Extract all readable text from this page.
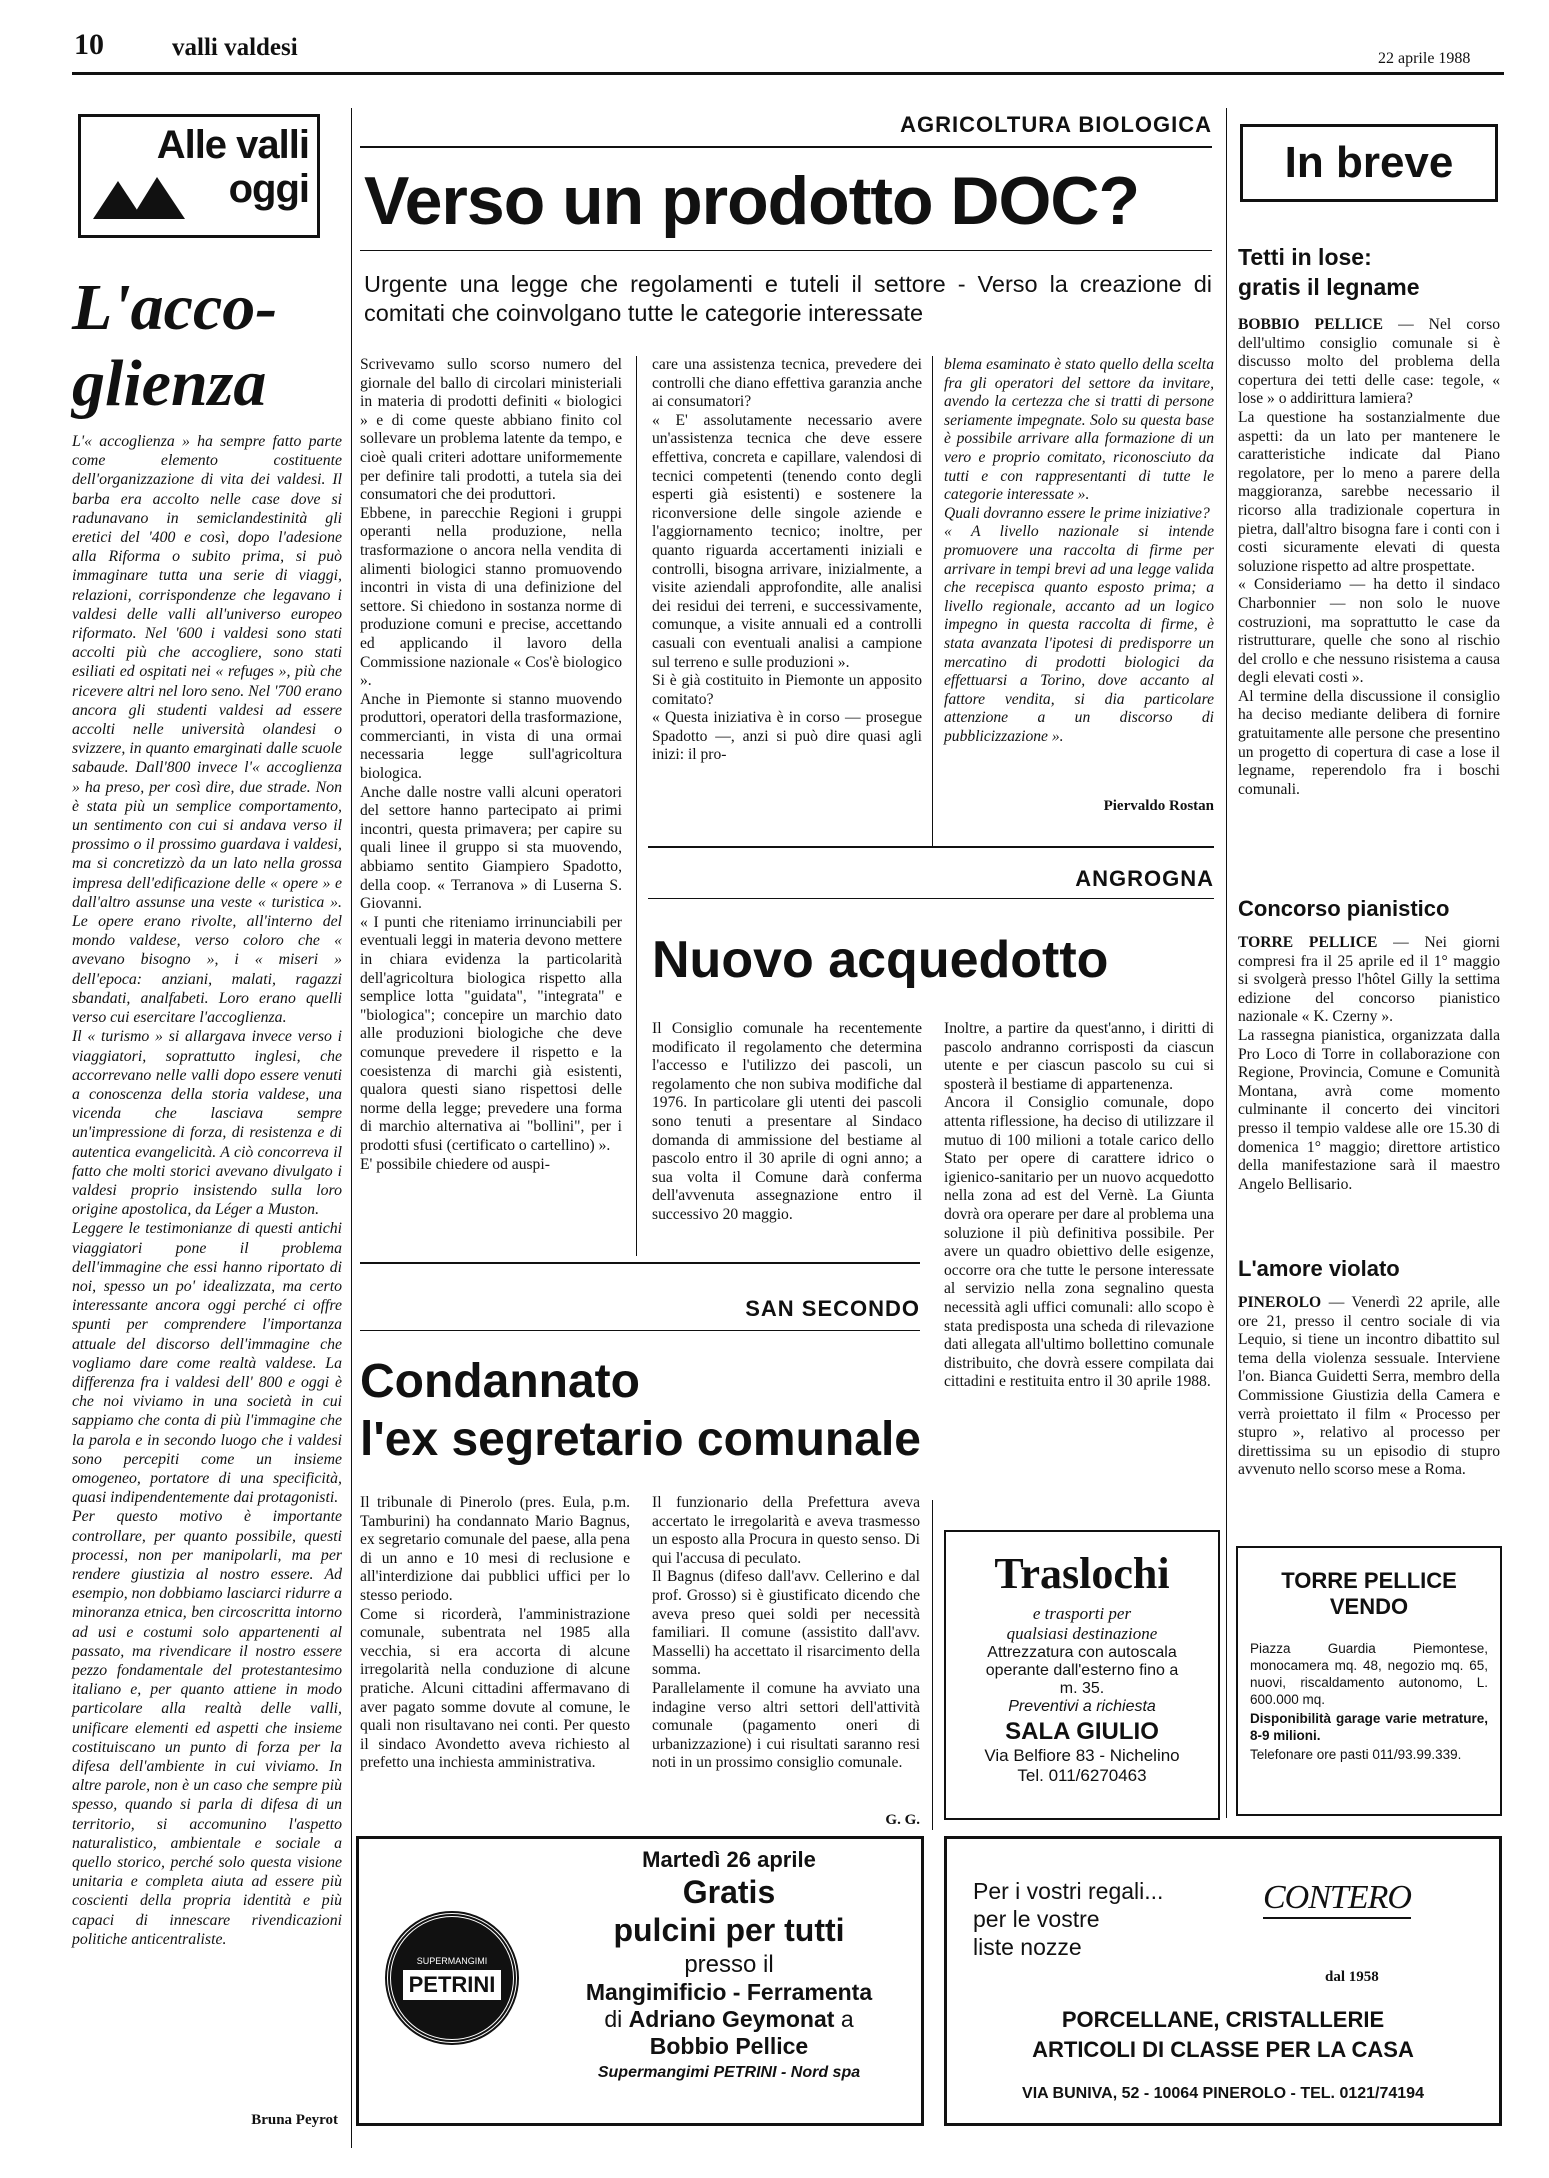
10	valli valdesi	22 aprile 1988
Alle valli
oggi
L'acco-
glienza
L'« accoglienza » ha sempre fatto parte come elemento costituente dell'organizzazione di vita dei valdesi. Il barba era accolto nelle case dove si radunavano in semiclandestinità gli eretici del '400 e così, dopo l'adesione alla Riforma o subito prima, si può immaginare tutta una serie di viaggi, relazioni, corrispondenze che legavano i valdesi delle valli all'universo europeo riformato. Nel '600 i valdesi sono stati accolti più che accogliere, sono stati esiliati ed ospitati nei « refuges », più che ricevere altri nel loro seno. Nel '700 erano ancora gli studenti valdesi ad essere accolti nelle università olandesi o svizzere, in quanto emarginati dalle scuole sabaude. Dall'800 invece l'« accoglienza » ha preso, per così dire, due strade. Non è stata più un semplice comportamento, un sentimento con cui si andava verso il prossimo o il prossimo guardava i valdesi, ma si concretizzò da un lato nella grossa impresa dell'edificazione delle « opere » e dall'altro assunse una veste « turistica ». Le opere erano rivolte, all'interno del mondo valdese, verso coloro che « avevano bisogno », i « miseri » dell'epoca: anziani, malati, ragazzi sbandati, analfabeti. Loro erano quelli verso cui esercitare l'accoglienza.
Il « turismo » si allargava invece verso i viaggiatori, soprattutto inglesi, che accorrevano nelle valli dopo essere venuti a conoscenza della storia valdese, una vicenda che lasciava sempre un'impressione di forza, di resistenza e di autentica evangelicità. A ciò concorreva il fatto che molti storici avevano divulgato i valdesi proprio insistendo sulla loro origine apostolica, da Léger a Muston.
Leggere le testimonianze di questi antichi viaggiatori pone il problema dell'immagine che essi hanno riportato di noi, spesso un po' idealizzata, ma certo interessante ancora oggi perché ci offre spunti per comprendere l'importanza attuale del discorso dell'immagine che vogliamo dare come realtà valdese. La differenza fra i valdesi dell' 800 e oggi è che noi viviamo in una società in cui sappiamo che conta di più l'immagine che la parola e in secondo luogo che i valdesi sono percepiti come un insieme omogeneo, portatore di una specificità, quasi indipendentemente dai protagonisti.
Per questo motivo è importante controllare, per quanto possibile, questi processi, non per manipolarli, ma per rendere giustizia al nostro essere. Ad esempio, non dobbiamo lasciarci ridurre a minoranza etnica, ben circoscritta intorno ad usi e costumi solo appartenenti al passato, ma rivendicare il nostro essere pezzo fondamentale del protestantesimo italiano e, per quanto attiene in modo particolare alla realtà delle valli, unificare elementi ed aspetti che insieme costituiscano un punto di forza per la difesa dell'ambiente in cui viviamo. In altre parole, non è un caso che sempre più spesso, quando si parla di difesa di un territorio, si accomunino l'aspetto naturalistico, ambientale e sociale a quello storico, perché solo questa visione unitaria e completa aiuta ad essere più coscienti della propria identità e più capaci di innescare rivendicazioni politiche anticentraliste.
Bruna Peyrot
AGRICOLTURA BIOLOGICA
Verso un prodotto DOC?
Urgente una legge che regolamenti e tuteli il settore - Verso la creazione di comitati che coinvolgano tutte le categorie interessate
Scrivevamo sullo scorso numero del giornale del ballo di circolari ministeriali in materia di prodotti definiti « biologici » e di come queste abbiano finito col sollevare un problema latente da tempo, e cioè quali criteri adottare uniformemente per definire tali prodotti, a tutela sia dei consumatori che dei produttori.
Ebbene, in parecchie Regioni i gruppi operanti nella produzione, nella trasformazione o ancora nella vendita di alimenti biologici stanno promuovendo incontri in vista di una definizione del settore. Si chiedono in sostanza norme di produzione comuni e precise, accettando ed applicando il lavoro della Commissione nazionale « Cos'è biologico ».
Anche in Piemonte si stanno muovendo produttori, operatori della trasformazione, commercianti, in vista di una ormai necessaria legge sull'agricoltura biologica.
Anche dalle nostre valli alcuni operatori del settore hanno partecipato ai primi incontri, questa primavera; per capire su quali linee il gruppo si sta muovendo, abbiamo sentito Giampiero Spadotto, della coop. « Terranova » di Luserna S. Giovanni.
« I punti che riteniamo irrinunciabili per eventuali leggi in materia devono mettere in chiara evidenza la particolarità dell'agricoltura biologica rispetto alla semplice lotta "guidata", "integrata" e "biologica"; concepire un marchio dato alle produzioni biologiche che deve comunque prevedere il rispetto e la coesistenza di marchi già esistenti, qualora questi siano rispettosi delle norme della legge; prevedere una forma di marchio alternativa ai "bollini", per i prodotti sfusi (certificato o cartellino) ».
E' possibile chiedere od auspi-
care una assistenza tecnica, prevedere dei controlli che diano effettiva garanzia anche ai consumatori?
« E' assolutamente necessario avere un'assistenza tecnica che deve essere effettiva, concreta e capillare, valendosi di tecnici competenti (tenendo conto degli esperti già esistenti) e sostenere la riconversione delle singole aziende e l'aggiornamento tecnico; inoltre, per quanto riguarda accertamenti iniziali e controlli, bisogna arrivare, inizialmente, a visite aziendali approfondite, alle analisi dei residui dei terreni, e successivamente, comunque, a visite annuali ed a controlli casuali con eventuali analisi a campione sul terreno e sulle produzioni ».
Si è già costituito in Piemonte un apposito comitato?
« Questa iniziativa è in corso — prosegue Spadotto —, anzi si può dire quasi agli inizi: il pro-
blema esaminato è stato quello della scelta fra gli operatori del settore da invitare, avendo la certezza che si tratti di persone seriamente impegnate. Solo su questa base è possibile arrivare alla formazione di un vero e proprio comitato, riconosciuto da tutti e con rappresentanti di tutte le categorie interessate ».
Quali dovranno essere le prime iniziative?
« A livello nazionale si intende promuovere una raccolta di firme per arrivare in tempi brevi ad una legge valida che recepisca quanto esposto prima; a livello regionale, accanto ad un logico impegno in questa raccolta di firme, è stata avanzata l'ipotesi di predisporre un mercatino di prodotti biologici da effettuarsi a Torino, dove accanto al fattore vendita, si dia particolare attenzione a un discorso di pubblicizzazione ».
Piervaldo Rostan
ANGROGNA
Nuovo acquedotto
Il Consiglio comunale ha recentemente modificato il regolamento che determina l'accesso e l'utilizzo dei pascoli, un regolamento che non subiva modifiche dal 1976. In particolare gli utenti dei pascoli sono tenuti a presentare al Sindaco domanda di ammissione del bestiame al pascolo entro il 30 aprile di ogni anno; a sua volta il Comune darà conferma dell'avvenuta assegnazione entro il successivo 20 maggio.
Inoltre, a partire da quest'anno, i diritti di pascolo andranno corrisposti da ciascun utente e per ciascun pascolo su cui si sposterà il bestiame di appartenenza.
Ancora il Consiglio comunale, dopo attenta riflessione, ha deciso di utilizzare il mutuo di 100 milioni a totale carico dello Stato per opere di carattere idrico o igienico-sanitario per un nuovo acquedotto nella zona ad est del Vernè. La Giunta dovrà ora operare per dare al problema una soluzione il più definitiva possibile. Per avere un quadro obiettivo delle esigenze, occorre ora che tutte le persone interessate al servizio nella zona segnalino questa necessità agli uffici comunali: allo scopo è stata predisposta una scheda di rilevazione dati allegata all'ultimo bollettino comunale distribuito, che dovrà essere compilata dai cittadini e restituita entro il 30 aprile 1988.
SAN SECONDO
Condannato
l'ex segretario comunale
Il tribunale di Pinerolo (pres. Eula, p.m. Tamburini) ha condannato Mario Bagnus, ex segretario comunale del paese, alla pena di un anno e 10 mesi di reclusione e all'interdizione dai pubblici uffici per lo stesso periodo.
Come si ricorderà, l'amministrazione comunale, subentrata nel 1985 alla vecchia, si era accorta di alcune irregolarità nella conduzione di alcune pratiche. Alcuni cittadini affermavano di aver pagato somme dovute al comune, le quali non risultavano nei conti. Per questo il sindaco Avondetto aveva richiesto al prefetto una inchiesta amministrativa.
Il funzionario della Prefettura aveva accertato le irregolarità e aveva trasmesso un esposto alla Procura in questo senso. Di qui l'accusa di peculato.
Il Bagnus (difeso dall'avv. Cellerino e dal prof. Grosso) si è giustificato dicendo che aveva preso quei soldi per necessità familiari. Il comune (assistito dall'avv. Masselli) ha accettato il risarcimento della somma.
Parallelamente il comune ha avviato una indagine verso altri settori dell'attività comunale (pagamento oneri di urbanizzazione) i cui risultati saranno resi noti in un prossimo consiglio comunale.
G. G.
In breve
Tetti in lose:
gratis il legname
BOBBIO PELLICE — Nel corso dell'ultimo consiglio comunale si è discusso molto del problema della copertura dei tetti delle case: tegole, « lose » o addirittura lamiera?
La questione ha sostanzialmente due aspetti: da un lato per mantenere le caratteristiche indicate dal Piano regolatore, per lo meno a parere della maggioranza, sarebbe necessario il ricorso alla tradizionale copertura in pietra, dall'altro bisogna fare i conti con i costi sicuramente elevati di questa soluzione rispetto ad altre prospettate.
« Consideriamo — ha detto il sindaco Charbonnier — non solo le nuove costruzioni, ma soprattutto le case da ristrutturare, quelle che sono al rischio del crollo e che nessuno risistema a causa degli elevati costi ».
Al termine della discussione il consiglio ha deciso mediante delibera di fornire gratuitamente alle persone che presentino un progetto di copertura di case a lose il legname, reperendolo fra i boschi comunali.
Concorso pianistico
TORRE PELLICE — Nei giorni compresi fra il 25 aprile ed il 1° maggio si svolgerà presso l'hôtel Gilly la settima edizione del concorso pianistico nazionale « K. Czerny ».
La rassegna pianistica, organizzata dalla Pro Loco di Torre in collaborazione con Regione, Provincia, Comune e Comunità Montana, avrà come momento culminante il concerto dei vincitori presso il tempio valdese alle ore 15.30 di domenica 1° maggio; direttore artistico della manifestazione sarà il maestro Angelo Bellisario.
L'amore violato
PINEROLO — Venerdì 22 aprile, alle ore 21, presso il centro sociale di via Lequio, si tiene un incontro dibattito sul tema della violenza sessuale. Interviene l'on. Bianca Guidetti Serra, membro della Commissione Giustizia della Camera e verrà proiettato il film « Processo per stupro », relativo al processo per direttissima su un episodio di stupro avvenuto nello scorso mese a Roma.
Traslochi
e trasporti per
qualsiasi destinazione
Attrezzatura con autoscala
operante dall'esterno fino a
m. 35.
Preventivi a richiesta
SALA GIULIO
Via Belfiore 83 - Nichelino
Tel. 011/6270463
TORRE PELLICE
VENDO
Piazza Guardia Piemontese, monocamera mq. 48, negozio mq. 65, nuovi, riscaldamento autonomo, L. 600.000 mq.
Disponibilità garage varie metrature, 8-9 milioni.
Telefonare ore pasti 011/93.99.339.
SUPERMANGIMI
PETRINI
Martedì 26 aprile
Gratis
pulcini per tutti
presso il
Mangimificio - Ferramenta
di Adriano Geymonat a
Bobbio Pellice
Supermangimi PETRINI - Nord spa
Per i vostri regali...
per le vostre
liste nozze
CONTERO
dal 1958
PORCELLANE, CRISTALLERIE
ARTICOLI DI CLASSE PER LA CASA
VIA BUNIVA, 52 - 10064 PINEROLO - TEL. 0121/74194
